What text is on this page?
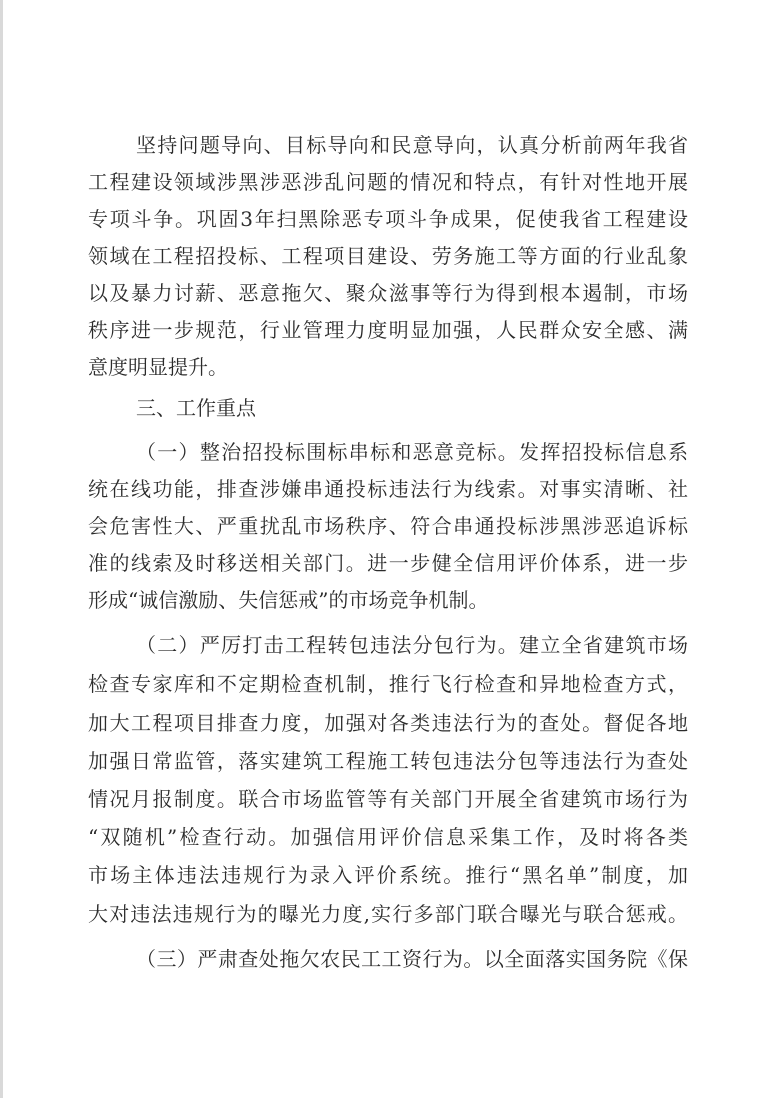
坚持问题导向、目标导向和民意导向，认真分析前两年我省
工程建设领域涉黑涉恶涉乱问题的情况和特点，有针对性地开展
专项斗争。巩固3年扫黑除恶专项斗争成果，促使我省工程建设
领域在工程招投标、工程项目建设、劳务施工等方面的行业乱象
以及暴力讨薪、恶意拖欠、聚众滋事等行为得到根本遏制，市场
秩序进一步规范，行业管理力度明显加强，人民群众安全感、满
意度明显提升。
三、工作重点
（一）整治招投标围标串标和恶意竞标。发挥招投标信息系
统在线功能，排查涉嫌串通投标违法行为线索。对事实清晰、社
会危害性大、严重扰乱市场秩序、符合串通投标涉黑涉恶追诉标
准的线索及时移送相关部门。进一步健全信用评价体系，进一步
形成“诚信激励、失信惩戒”的市场竞争机制。
（二）严厉打击工程转包违法分包行为。建立全省建筑市场
检查专家库和不定期检查机制，推行飞行检查和异地检查方式，
加大工程项目排查力度，加强对各类违法行为的查处。督促各地
加强日常监管，落实建筑工程施工转包违法分包等违法行为查处
情况月报制度。联合市场监管等有关部门开展全省建筑市场行为
“双随机”检查行动。加强信用评价信息采集工作，及时将各类
市场主体违法违规行为录入评价系统。推行“黑名单”制度，加
大对违法违规行为的曝光力度,实行多部门联合曝光与联合惩戒。
（三）严肃查处拖欠农民工工资行为。以全面落实国务院《保
